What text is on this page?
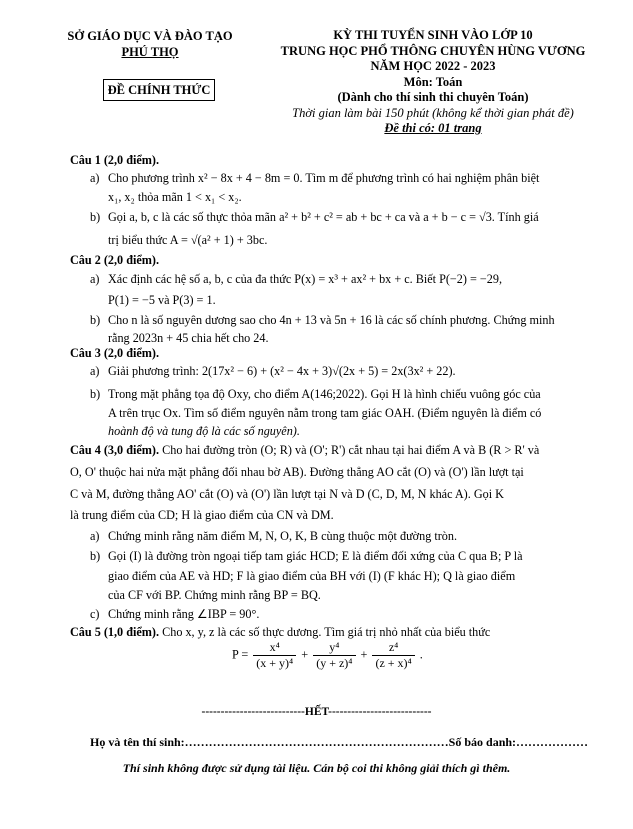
SỞ GIÁO DỤC VÀ ĐÀO TẠO
PHÚ THỌ
ĐỀ CHÍNH THỨC
KỲ THI TUYỂN SINH VÀO LỚP 10
TRUNG HỌC PHỔ THÔNG CHUYÊN HÙNG VƯƠNG
NĂM HỌC 2022 - 2023
Môn: Toán
(Dành cho thí sinh thi chuyên Toán)
Thời gian làm bài 150 phút (không kể thời gian phát đề)
Đề thi có: 01 trang
Câu 1 (2,0 điểm).
a) Cho phương trình x² − 8x + 4 − 8m = 0. Tìm m để phương trình có hai nghiệm phân biệt
x₁, x₂ thỏa mãn 1 < x₁ < x₂.
b) Gọi a, b, c là các số thực thỏa mãn a² + b² + c² = ab + bc + ca và a + b − c = √3. Tính giá
trị biểu thức A = √(a² + 1) + 3bc.
Câu 2 (2,0 điểm).
a) Xác định các hệ số a, b, c của đa thức P(x) = x³ + ax² + bx + c. Biết P(−2) = −29,
P(1) = −5 và P(3) = 1.
b) Cho n là số nguyên dương sao cho 4n + 13 và 5n + 16 là các số chính phương. Chứng minh
rằng 2023n + 45 chia hết cho 24.
Câu 3 (2,0 điểm).
a) Giải phương trình: 2(17x² − 6) + (x² − 4x + 3)√(2x + 5) = 2x(3x² + 22).
b) Trong mặt phẳng tọa độ Oxy, cho điểm A(146;2022). Gọi H là hình chiếu vuông góc của
A trên trục Ox. Tìm số điểm nguyên nằm trong tam giác OAH. (Điểm nguyên là điểm có
hoành độ và tung độ là các số nguyên).
Câu 4 (3,0 điểm). Cho hai đường tròn (O; R) và (O'; R') cắt nhau tại hai điểm A và B (R > R' và
O, O' thuộc hai nửa mặt phẳng đối nhau bờ AB). Đường thẳng AO cắt (O) và (O') lần lượt tại
C và M, đường thẳng AO' cắt (O) và (O') lần lượt tại N và D (C, D, M, N khác A). Gọi K
là trung điểm của CD; H là giao điểm của CN và DM.
a) Chứng minh rằng năm điểm M, N, O, K, B cùng thuộc một đường tròn.
b) Gọi (I) là đường tròn ngoại tiếp tam giác HCD; E là điểm đối xứng của C qua B; P là
giao điểm của AE và HD; F là giao điểm của BH với (I) (F khác H); Q là giao điểm
của CF với BP. Chứng minh rằng BP = BQ.
c) Chứng minh rằng ∠IBP = 90°.
Câu 5 (1,0 điểm). Cho x, y, z là các số thực dương. Tìm giá trị nhỏ nhất của biểu thức
$P = \frac{\text{x⁴}}{\text{(x + y)⁴}} + \frac{\text{y⁴}}{\text{(y + z)⁴}} + \frac{\text{z⁴}}{\text{(z + x)⁴}}$ .
---------------------------HẾT---------------------------
Họ và tên thí sinh:…………………………………………………………Số báo danh:………………
Thí sinh không được sử dụng tài liệu. Cán bộ coi thi không giải thích gì thêm.
